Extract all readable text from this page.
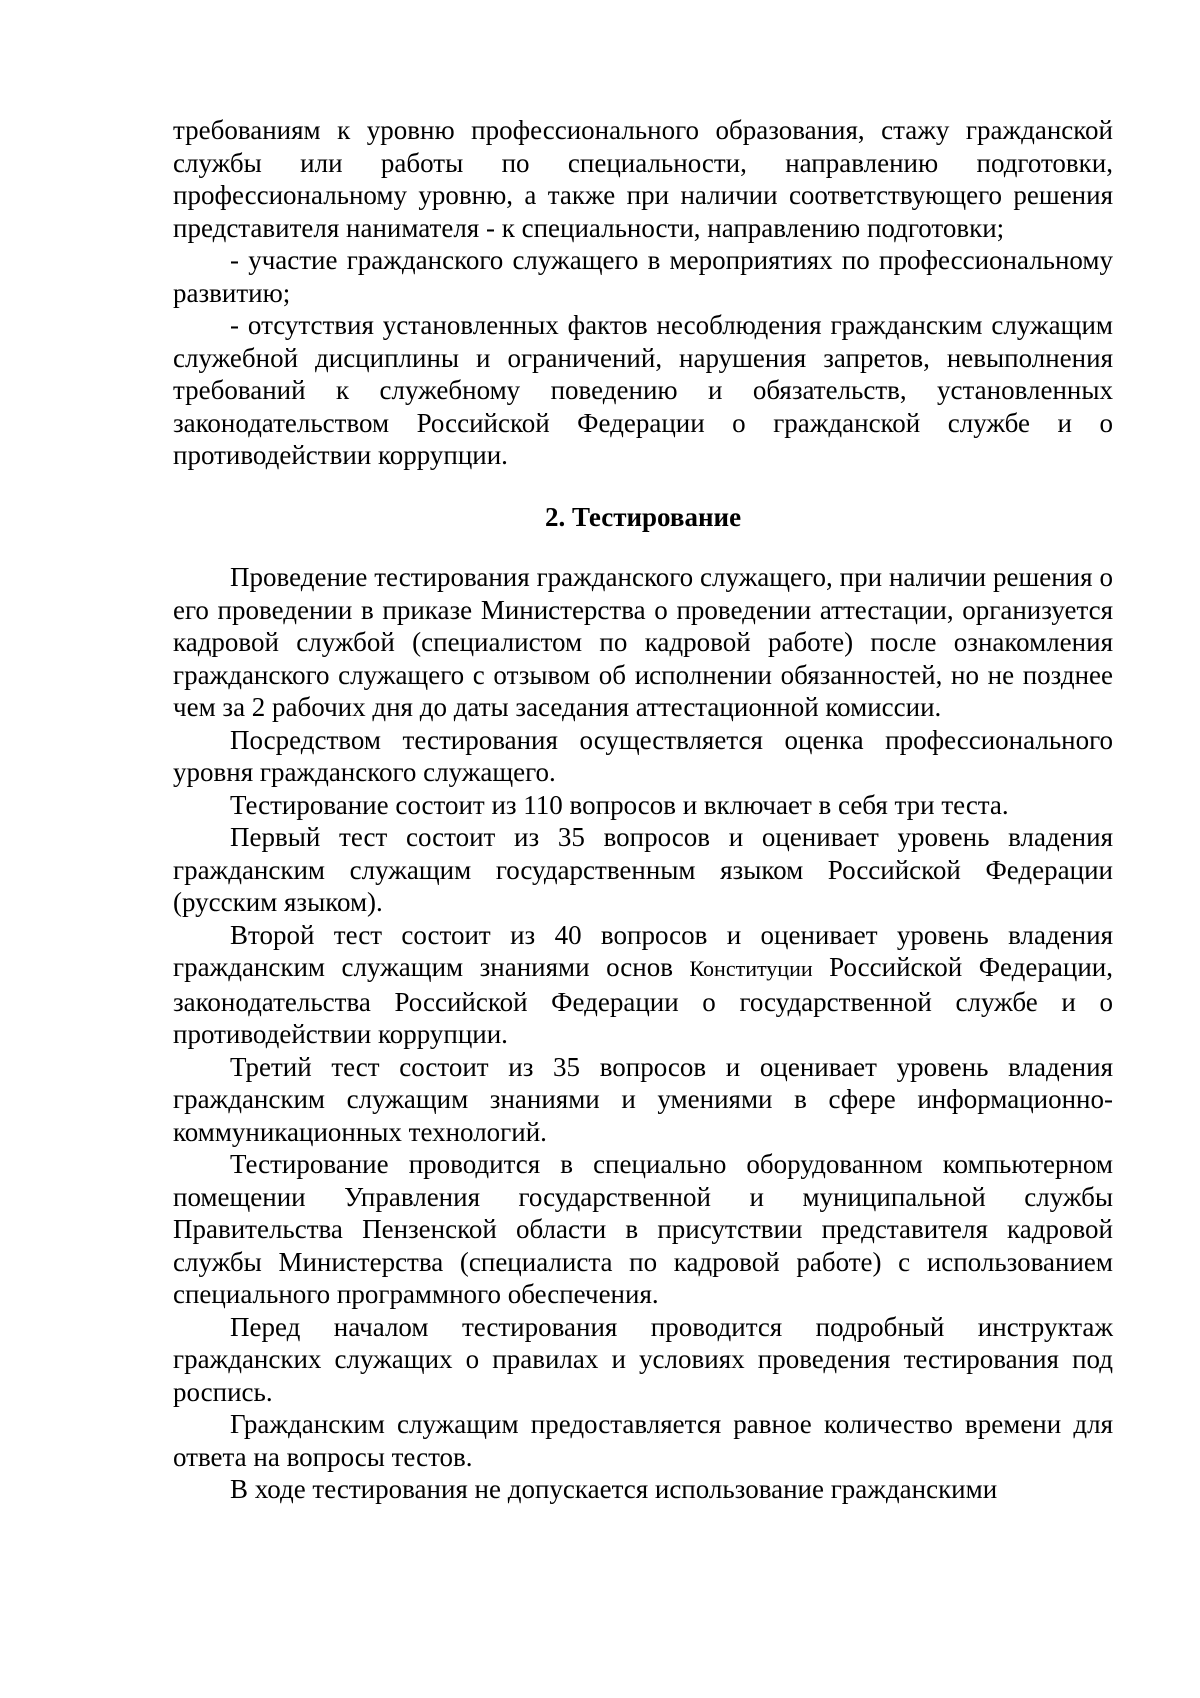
требованиям к уровню профессионального образования, стажу гражданской службы или работы по специальности, направлению подготовки, профессиональному уровню, а также при наличии соответствующего решения представителя нанимателя - к специальности, направлению подготовки;

- участие гражданского служащего в мероприятиях по профессиональному развитию;

- отсутствия установленных фактов несоблюдения гражданским служащим служебной дисциплины и ограничений, нарушения запретов, невыполнения требований к служебному поведению и обязательств, установленных законодательством Российской Федерации о гражданской службе и о противодействии коррупции.

2. Тестирование

Проведение тестирования гражданского служащего, при наличии решения о его проведении в приказе Министерства о проведении аттестации, организуется кадровой службой (специалистом по кадровой работе) после ознакомления гражданского служащего с отзывом об исполнении обязанностей, но не позднее чем за 2 рабочих дня до даты заседания аттестационной комиссии.

Посредством тестирования осуществляется оценка профессионального уровня гражданского служащего.

Тестирование состоит из 110 вопросов и включает в себя три теста.

Первый тест состоит из 35 вопросов и оценивает уровень владения гражданским служащим государственным языком Российской Федерации (русским языком).

Второй тест состоит из 40 вопросов и оценивает уровень владения гражданским служащим знаниями основ Конституции Российской Федерации, законодательства Российской Федерации о государственной службе и о противодействии коррупции.

Третий тест состоит из 35 вопросов и оценивает уровень владения гражданским служащим знаниями и умениями в сфере информационно-коммуникационных технологий.

Тестирование проводится в специально оборудованном компьютерном помещении Управления государственной и муниципальной службы Правительства Пензенской области в присутствии представителя кадровой службы Министерства (специалиста по кадровой работе) с использованием специального программного обеспечения.

Перед началом тестирования проводится подробный инструктаж гражданских служащих о правилах и условиях проведения тестирования под роспись.

Гражданским служащим предоставляется равное количество времени для ответа на вопросы тестов.

В ходе тестирования не допускается использование гражданскими
